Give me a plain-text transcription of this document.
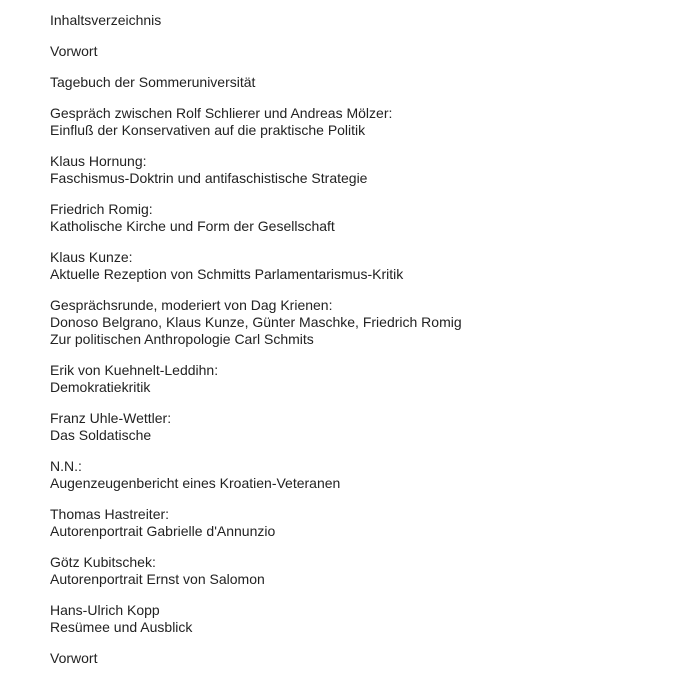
Inhaltsverzeichnis
Vorwort
Tagebuch der Sommeruniversität
Gespräch zwischen Rolf Schlierer und Andreas Mölzer:
Einfluß der Konservativen auf die praktische Politik
Klaus Hornung:
Faschismus-Doktrin und antifaschistische Strategie
Friedrich Romig:
Katholische Kirche und Form der Gesellschaft
Klaus Kunze:
Aktuelle Rezeption von Schmitts Parlamentarismus-Kritik
Gesprächsrunde, moderiert von Dag Krienen:
Donoso Belgrano, Klaus Kunze, Günter Maschke, Friedrich Romig
Zur politischen Anthropologie Carl Schmits
Erik von Kuehnelt-Leddihn:
Demokratiekritik
Franz Uhle-Wettler:
Das Soldatische
N.N.:
Augenzeugenbericht eines Kroatien-Veteranen
Thomas Hastreiter:
Autorenportrait Gabrielle d'Annunzio
Götz Kubitschek:
Autorenportrait Ernst von Salomon
Hans-Ulrich Kopp
Resümee und Ausblick
Vorwort
